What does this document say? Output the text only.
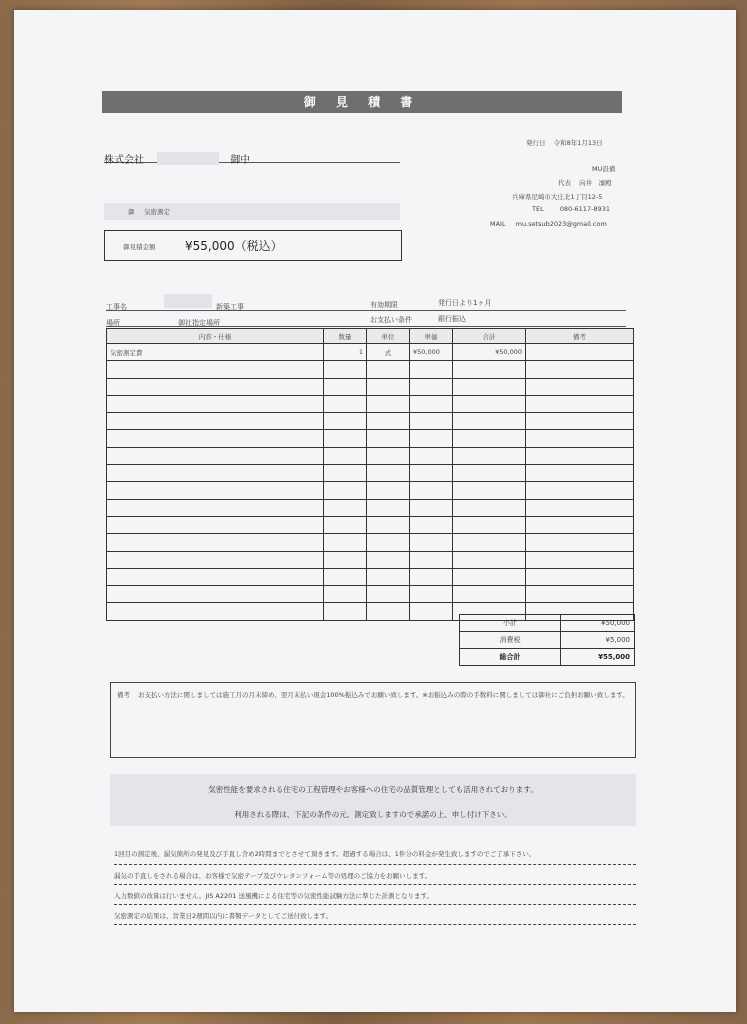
御 見 積 書
株式会社	御中
発行日 令和8年1月13日
MU設備
代表 向井　凜殿
兵庫県尼崎市大庄北1丁目12-5
TEL 080-6117-8931
MAIL mu.setsub2023@gmail.com
御 気密測定
御見積金額 ¥55,000（税込）
工事名	新築工事	有効期限	発行日より1ヶ月
場所	御社指定場所	お支払い条件	銀行振込
内容・仕様	数量	単位	単価	合計	備考
気密測定費	1	式	¥50,000	¥50,000	

小計	¥50,000
消費税	¥5,000
総合計	¥55,000
備考 お支払い方法に関しましては施工月の月末締め、翌月末払い現金100%振込みでお願い致します。※お振込みの際の手数料に関しましては御社にご負担お願い致します。
気密性能を要求される住宅の工程管理やお客様への住宅の品質管理としても活用されております。
利用される際は、下記の条件の元、測定致しますので承諾の上、申し付け下さい。
1回目の測定後、漏気箇所の発見及び手直し含め2時間までとさせて頂きます。超過する場合は、1件分の料金が発生致しますのでご了承下さい。
漏気の手直しをされる場合は、お客様で気密テープ及びウレタンフォーム等の処理のご協力をお願いします。
入力数値の改算は行いません。JIS A2201 送風機による住宅等の気密性能試験方法に準じた計測となります。
気密測定の結果は、営業日2週間以内に書類データとしてご送付致します。
